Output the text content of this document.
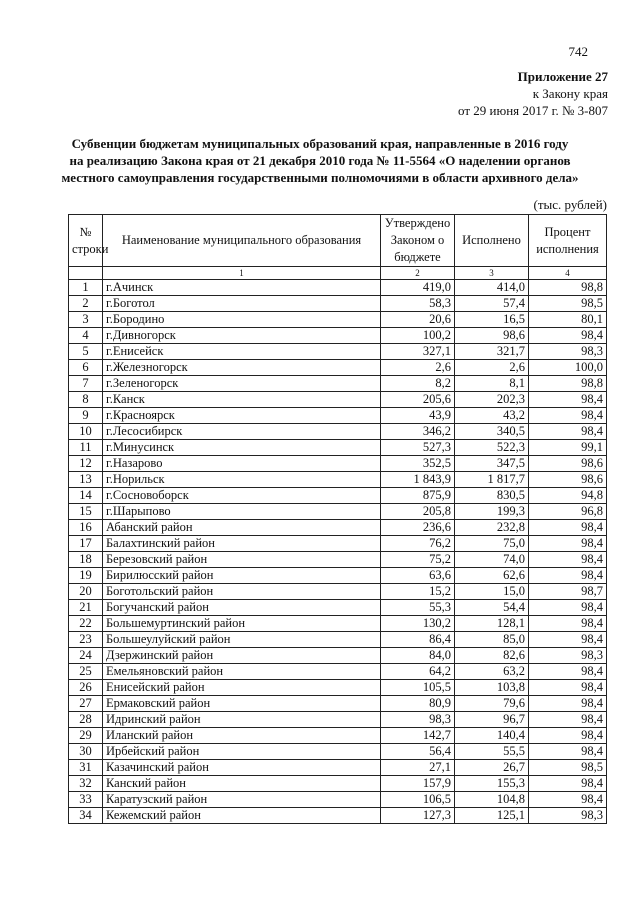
742
Приложение 27
к Закону края
от 29 июня 2017 г. № 3-807
Субвенции бюджетам муниципальных образований края, направленные в 2016 году
на реализацию Закона края от 21 декабря 2010 года № 11-5564 «О наделении органов
местного самоуправления государственными полномочиями в области архивного дела»
(тыс. рублей)
№ строки	Наименование муниципального образования	Утверждено Законом о бюджете	Исполнено	Процент исполнения
	1	2	3	4
1	г.Ачинск	419,0	414,0	98,8
2	г.Боготол	58,3	57,4	98,5
3	г.Бородино	20,6	16,5	80,1
4	г.Дивногорск	100,2	98,6	98,4
5	г.Енисейск	327,1	321,7	98,3
6	г.Железногорск	2,6	2,6	100,0
7	г.Зеленогорск	8,2	8,1	98,8
8	г.Канск	205,6	202,3	98,4
9	г.Красноярск	43,9	43,2	98,4
10	г.Лесосибирск	346,2	340,5	98,4
11	г.Минусинск	527,3	522,3	99,1
12	г.Назарово	352,5	347,5	98,6
13	г.Норильск	1 843,9	1 817,7	98,6
14	г.Сосновоборск	875,9	830,5	94,8
15	г.Шарыпово	205,8	199,3	96,8
16	Абанский район	236,6	232,8	98,4
17	Балахтинский район	76,2	75,0	98,4
18	Березовский район	75,2	74,0	98,4
19	Бирилюсский район	63,6	62,6	98,4
20	Боготольский район	15,2	15,0	98,7
21	Богучанский район	55,3	54,4	98,4
22	Большемуртинский район	130,2	128,1	98,4
23	Большеулуйский район	86,4	85,0	98,4
24	Дзержинский район	84,0	82,6	98,3
25	Емельяновский район	64,2	63,2	98,4
26	Енисейский район	105,5	103,8	98,4
27	Ермаковский район	80,9	79,6	98,4
28	Идринский район	98,3	96,7	98,4
29	Иланский район	142,7	140,4	98,4
30	Ирбейский район	56,4	55,5	98,4
31	Казачинский район	27,1	26,7	98,5
32	Канский район	157,9	155,3	98,4
33	Каратузский район	106,5	104,8	98,4
34	Кежемский район	127,3	125,1	98,3
